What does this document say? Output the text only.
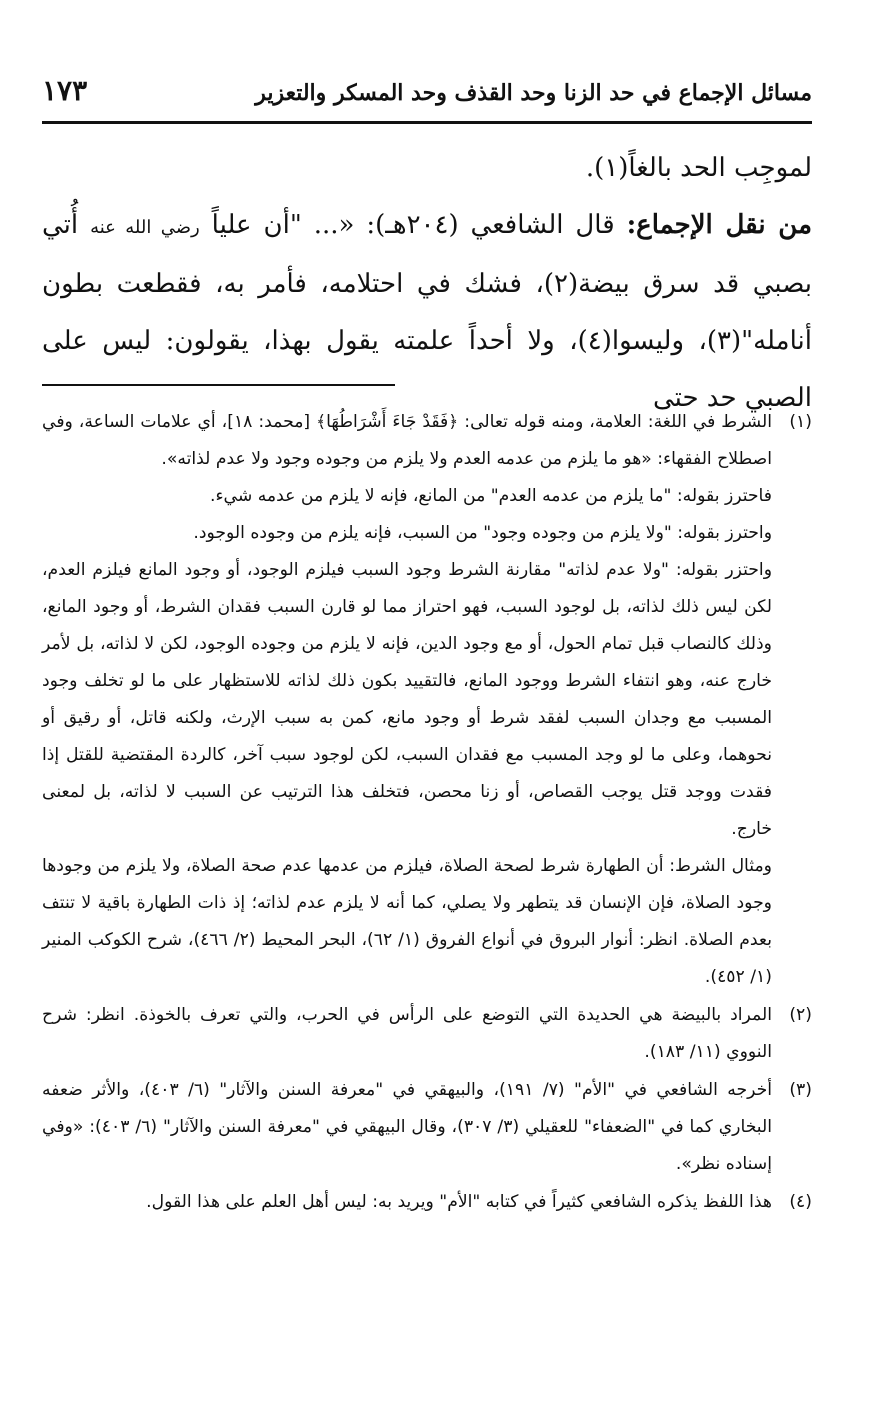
مسائل الإجماع في حد الزنا وحد القذف وحد المسكر والتعزير
١٧٣

لموجِب الحد بالغاً(١).

من نقل الإجماع: قال الشافعي (٢٠٤هـ): «... "أن علياً رضي الله عنه أُتي بصبي قد سرق بيضة(٢)، فشك في احتلامه، فأمر به، فقطعت بطون أنامله"(٣)، وليسوا(٤)، ولا أحداً علمته يقول بهذا، يقولون: ليس على الصبي حد حتى

(١)
الشرط في اللغة: العلامة، ومنه قوله تعالى: ﴿فَقَدْ جَاءَ أَشْرَاطُهَا﴾ [محمد: ١٨]، أي علامات الساعة، وفي اصطلاح الفقهاء: «هو ما يلزم من عدمه العدم ولا يلزم من وجوده وجود ولا عدم لذاته».
فاحترز بقوله: "ما يلزم من عدمه العدم" من المانع، فإنه لا يلزم من عدمه شيء.
واحترز بقوله: "ولا يلزم من وجوده وجود" من السبب، فإنه يلزم من وجوده الوجود.
واحتزر بقوله: "ولا عدم لذاته" مقارنة الشرط وجود السبب فيلزم الوجود، أو وجود المانع فيلزم العدم، لكن ليس ذلك لذاته، بل لوجود السبب، فهو احتراز مما لو قارن السبب فقدان الشرط، أو وجود المانع، وذلك كالنصاب قبل تمام الحول، أو مع وجود الدين، فإنه لا يلزم من وجوده الوجود، لكن لا لذاته، بل لأمر خارج عنه، وهو انتفاء الشرط ووجود المانع، فالتقييد بكون ذلك لذاته للاستظهار على ما لو تخلف وجود المسبب مع وجدان السبب لفقد شرط أو وجود مانع، كمن به سبب الإرث، ولكنه قاتل، أو رقيق أو نحوهما، وعلى ما لو وجد المسبب مع فقدان السبب، لكن لوجود سبب آخر، كالردة المقتضية للقتل إذا فقدت ووجد قتل يوجب القصاص، أو زنا محصن، فتخلف هذا الترتيب عن السبب لا لذاته، بل لمعنى خارج.
ومثال الشرط: أن الطهارة شرط لصحة الصلاة، فيلزم من عدمها عدم صحة الصلاة، ولا يلزم من وجودها وجود الصلاة، فإن الإنسان قد يتطهر ولا يصلي، كما أنه لا يلزم عدم لذاته؛ إذ ذات الطهارة باقية لا تنتف بعدم الصلاة. انظر: أنوار البروق في أنواع الفروق (١/ ٦٢)، البحر المحيط (٢/ ٤٦٦)، شرح الكوكب المنير (١/ ٤٥٢).
(٢)
المراد بالبيضة هي الحديدة التي التوضع على الرأس في الحرب، والتي تعرف بالخوذة. انظر: شرح النووي (١١/ ١٨٣).
(٣)
أخرجه الشافعي في "الأم" (٧/ ١٩١)، والبيهقي في "معرفة السنن والآثار" (٦/ ٤٠٣)، والأثر ضعفه البخاري كما في "الضعفاء" للعقيلي (٣/ ٣٠٧)، وقال البيهقي في "معرفة السنن والآثار" (٦/ ٤٠٣): «وفي إسناده نظر».
(٤)
هذا اللفظ يذكره الشافعي كثيراً في كتابه "الأم" ويريد به: ليس أهل العلم على هذا القول.
